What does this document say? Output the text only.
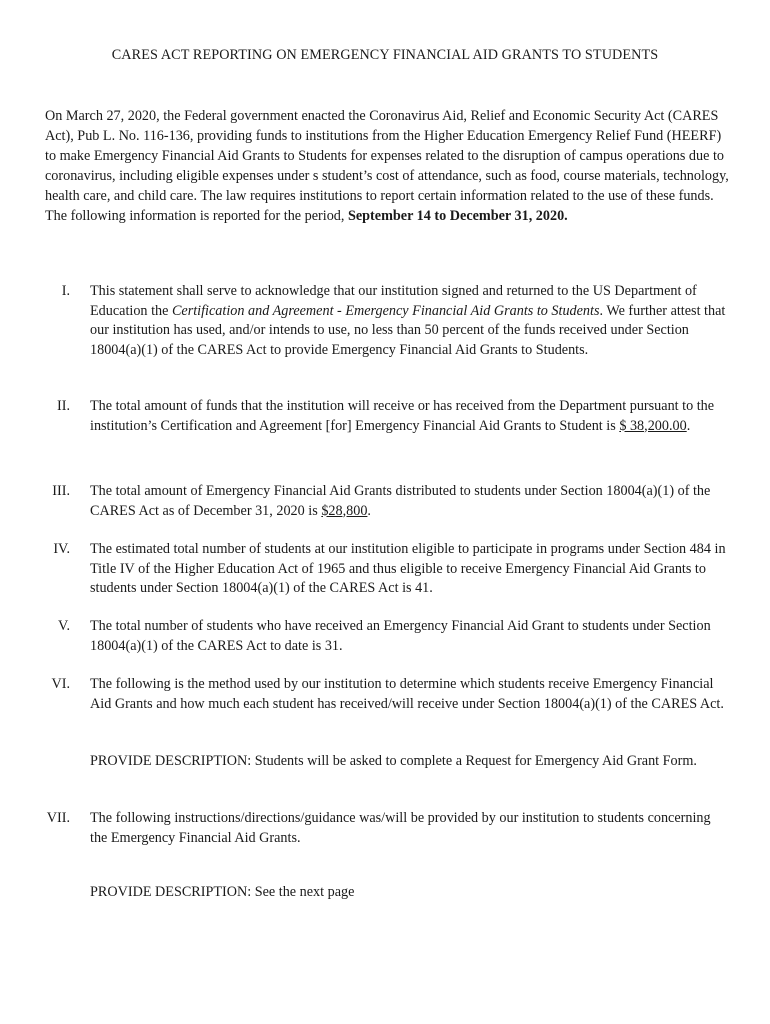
CARES ACT REPORTING ON EMERGENCY FINANCIAL AID GRANTS TO STUDENTS

On March 27, 2020, the Federal government enacted the Coronavirus Aid, Relief and Economic Security Act (CARES Act), Pub L. No. 116-136, providing funds to institutions from the Higher Education Emergency Relief Fund (HEERF) to make Emergency Financial Aid Grants to Students for expenses related to the disruption of campus operations due to coronavirus, including eligible expenses under s student’s cost of attendance, such as food, course materials, technology, health care, and child care. The law requires institutions to report certain information related to the use of these funds. The following information is reported for the period, September 14 to December 31, 2020.

I. This statement shall serve to acknowledge that our institution signed and returned to the US Department of Education the Certification and Agreement - Emergency Financial Aid Grants to Students. We further attest that our institution has used, and/or intends to use, no less than 50 percent of the funds received under Section 18004(a)(1) of the CARES Act to provide Emergency Financial Aid Grants to Students.

II. The total amount of funds that the institution will receive or has received from the Department pursuant to the institution’s Certification and Agreement [for] Emergency Financial Aid Grants to Student is $ 38,200.00.

III. The total amount of Emergency Financial Aid Grants distributed to students under Section 18004(a)(1) of the CARES Act as of December 31, 2020 is $28,800.

IV. The estimated total number of students at our institution eligible to participate in programs under Section 484 in Title IV of the Higher Education Act of 1965 and thus eligible to receive Emergency Financial Aid Grants to students under Section 18004(a)(1) of the CARES Act is 41.

V. The total number of students who have received an Emergency Financial Aid Grant to students under Section 18004(a)(1) of the CARES Act to date is 31.

VI. The following is the method used by our institution to determine which students receive Emergency Financial Aid Grants and how much each student has received/will receive under Section 18004(a)(1) of the CARES Act.

PROVIDE DESCRIPTION: Students will be asked to complete a Request for Emergency Aid Grant Form.

VII. The following instructions/directions/guidance was/will be provided by our institution to students concerning the Emergency Financial Aid Grants.

PROVIDE DESCRIPTION: See the next page
